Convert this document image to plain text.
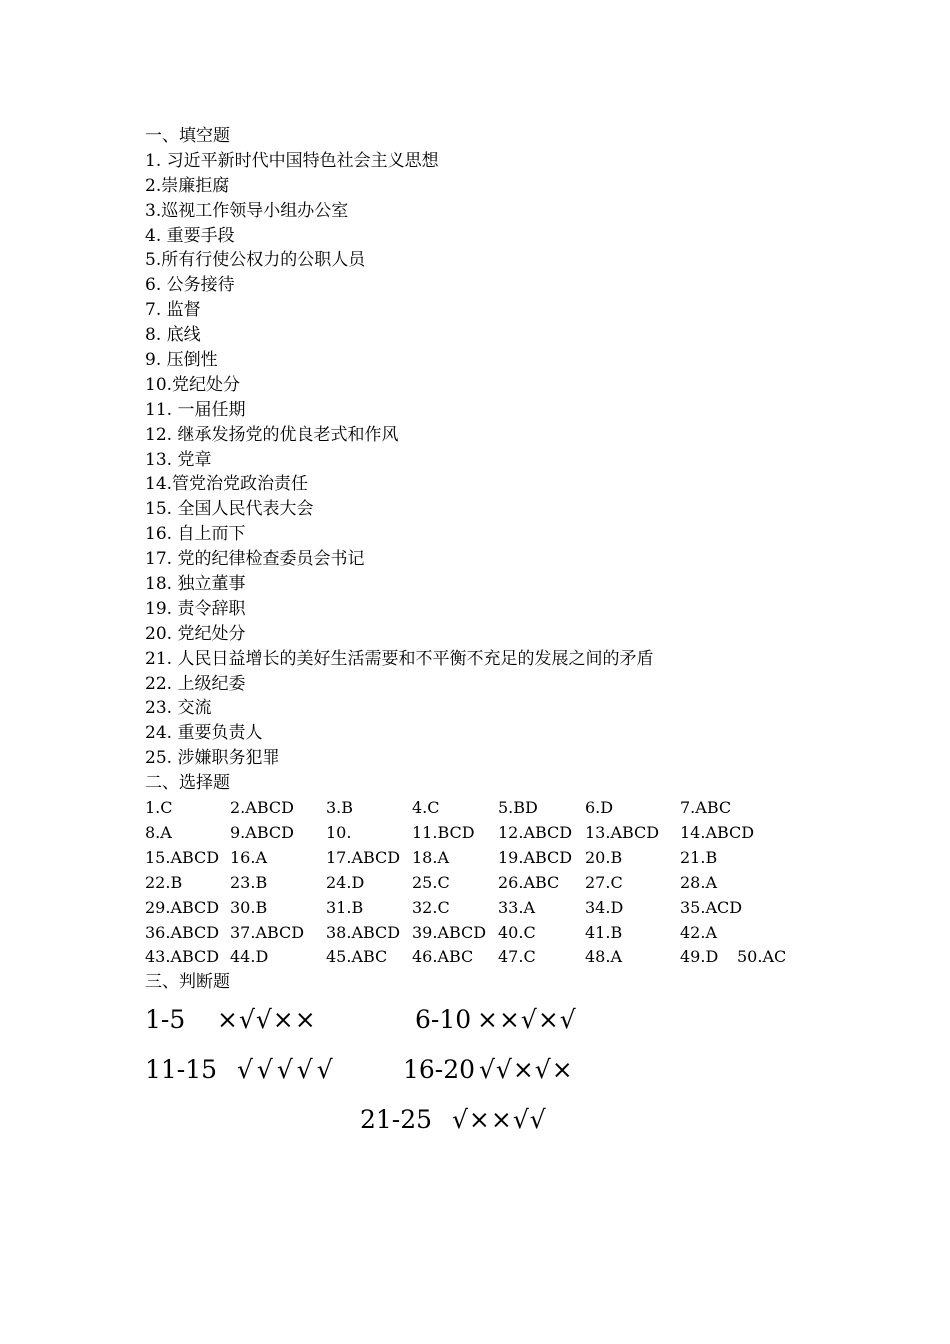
一、填空题
1. 习近平新时代中国特色社会主义思想
2.崇廉拒腐
3.巡视工作领导小组办公室
4. 重要手段
5.所有行使公权力的公职人员
6. 公务接待
7. 监督
8. 底线
9. 压倒性
10.党纪处分
11. 一届任期
12. 继承发扬党的优良老式和作风
13. 党章
14.管党治党政治责任
15. 全国人民代表大会
16. 自上而下
17. 党的纪律检查委员会书记
18. 独立董事
19. 责令辞职
20. 党纪处分
21. 人民日益增长的美好生活需要和不平衡不充足的发展之间的矛盾
22. 上级纪委
23. 交流
24. 重要负责人
25. 涉嫌职务犯罪
二、选择题
1.C	2.ABCD 3.B	4.C	5.BD	6.D	7.ABC
8.A	9.ABCD 10.	11.BCD 12.ABCD 13.ABCD 14.ABCD
15.ABCD 16.A	17.ABCD 18.A	19.ABCD 20.B	21.B
22.B	23.B	24.D	25.C	26.ABC 27.C	28.A
29.ABCD 30.B	31.B	32.C	33.A	34.D	35.ACD
36.ABCD 37.ABCD 38.ABCD 39.ABCD 40.C	41.B	42.A
43.ABCD 44.D	45.ABC 46.ABC 47.C	48.A	49.D 50.AC
三、判断题
1-5 ×√√××	6-10 ××√×√
11-15 √√√√√	16-20 √√×√×
21-25 √××√√
